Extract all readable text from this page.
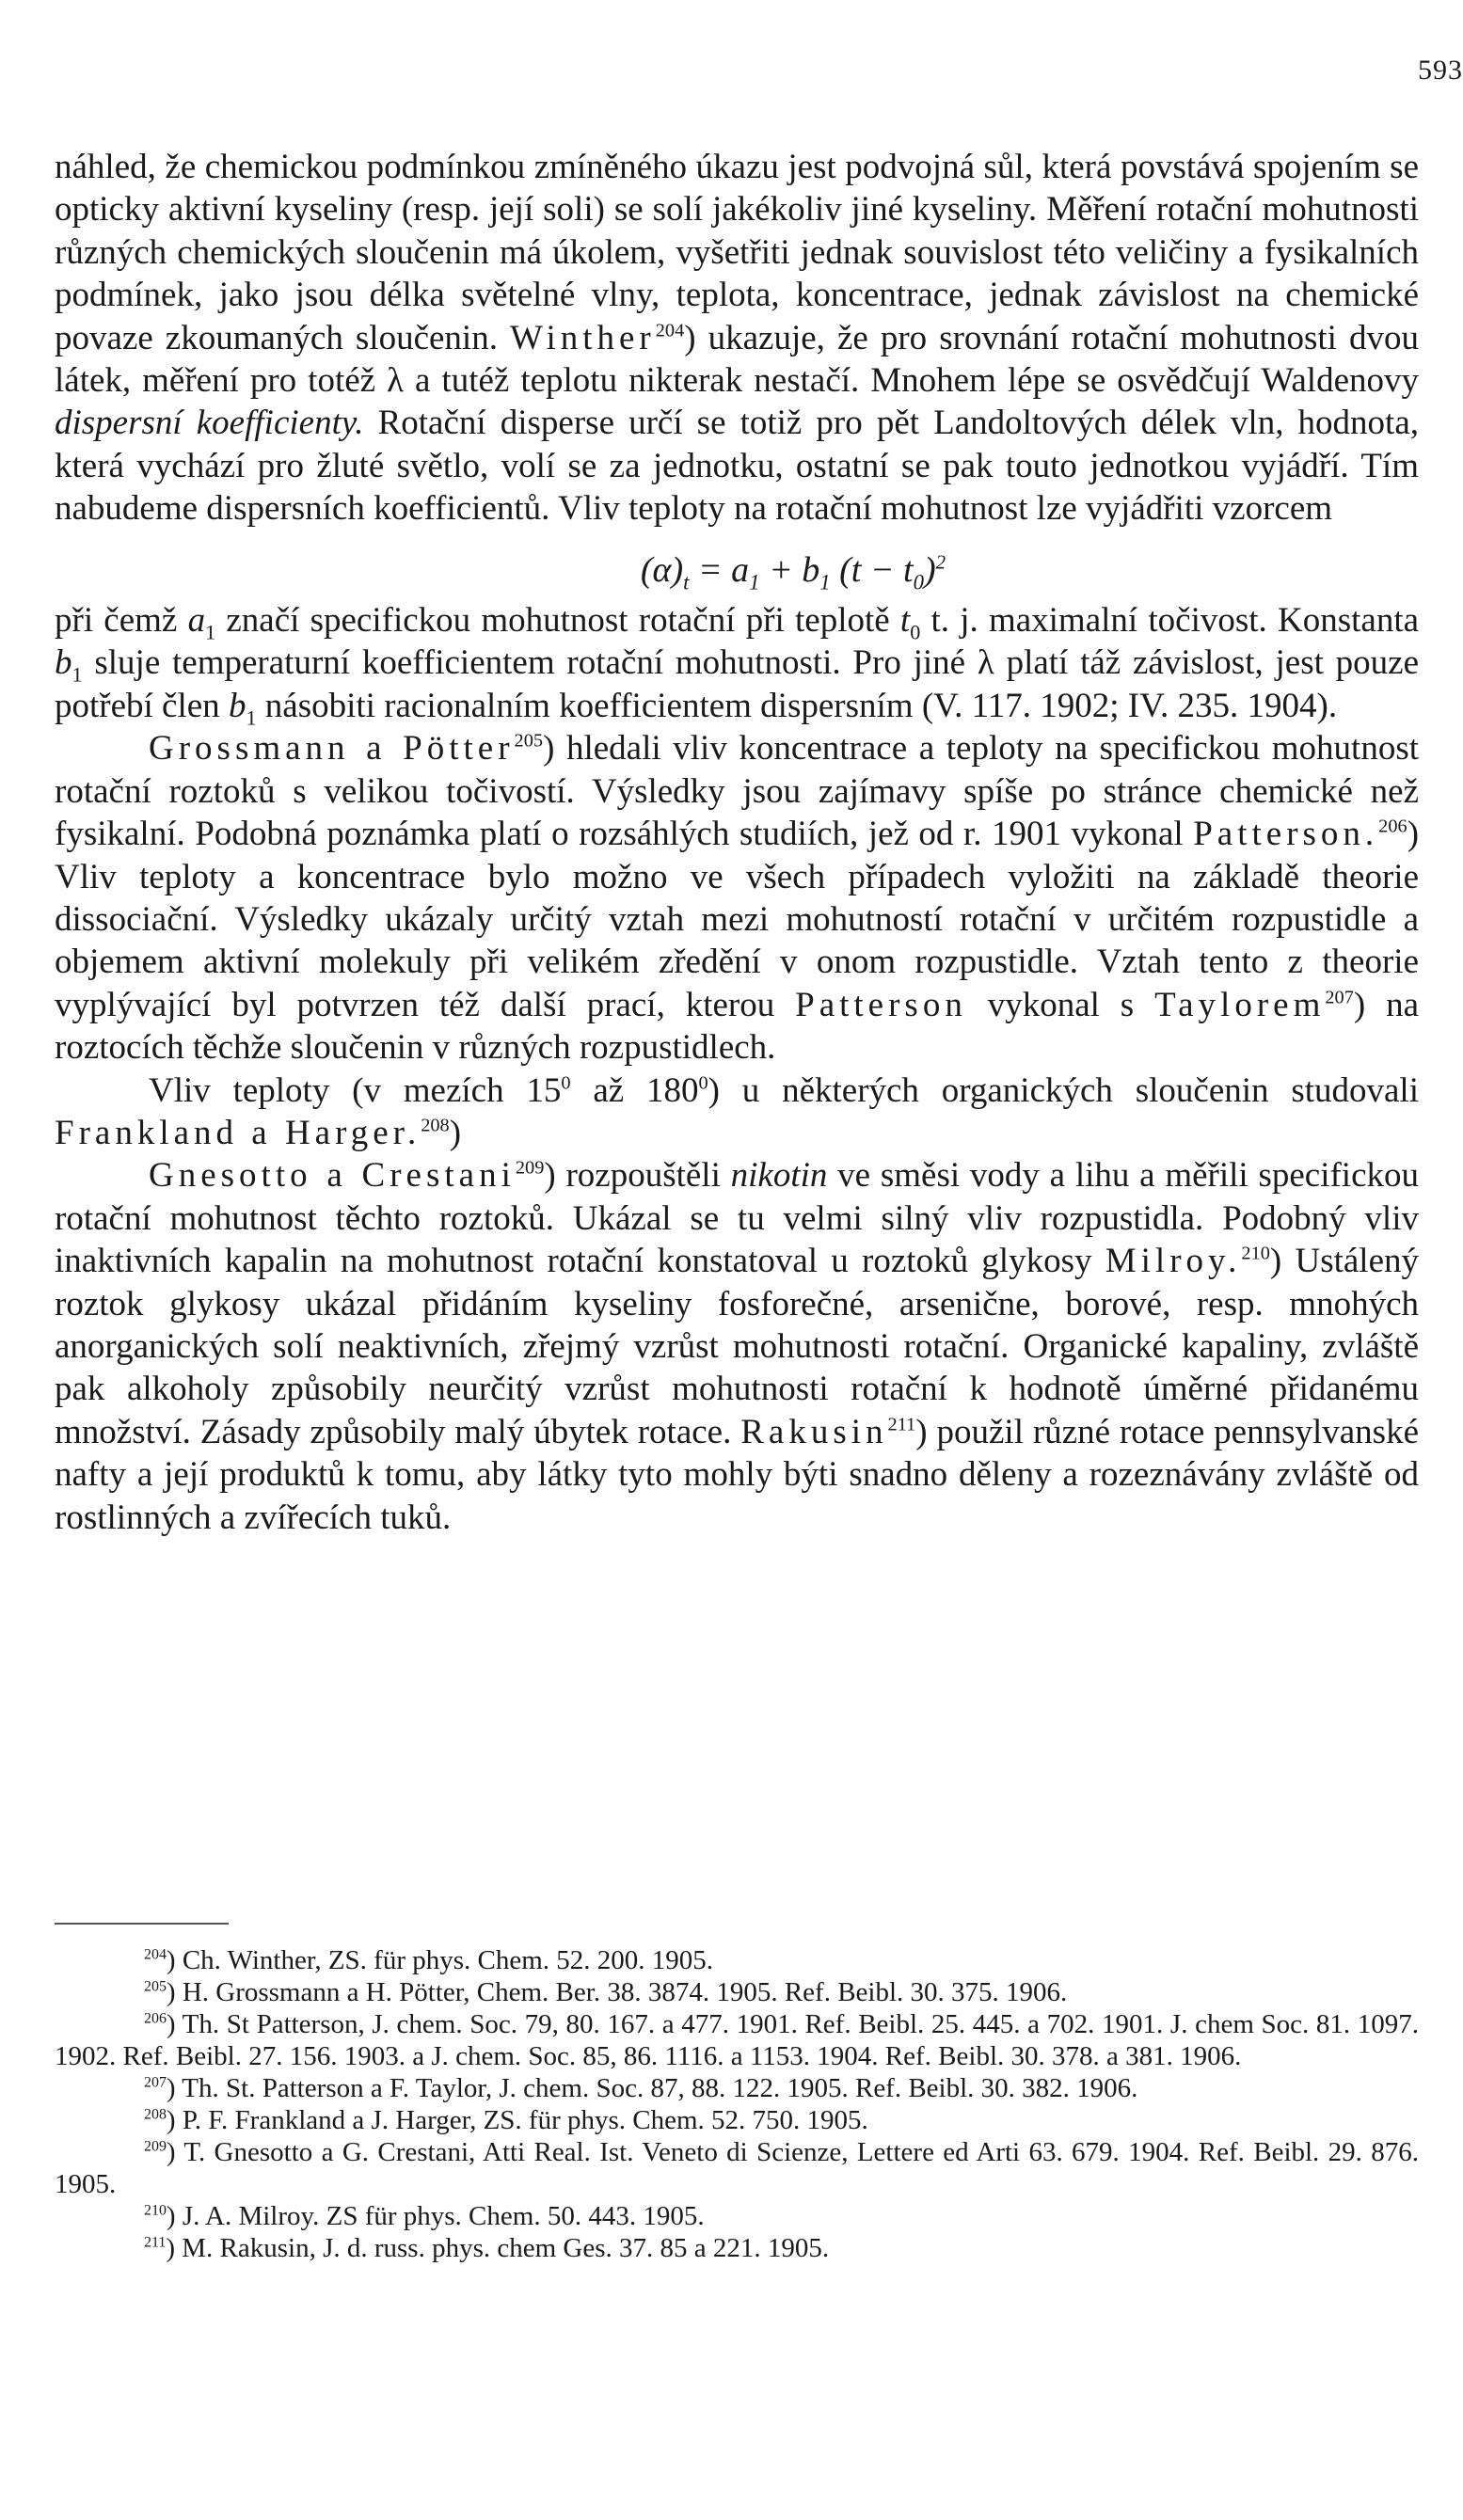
593

náhled, že chemickou podmínkou zmíněného úkazu jest podvojná sůl, která povstává spojením se opticky aktivní kyseliny (resp. její soli) se solí jakékoliv jiné kyseliny. Měření rotační mohutnosti různých chemických sloučenin má úkolem, vyšetřiti jednak souvislost této veličiny a fysikalních podmínek, jako jsou délka světelné vlny, teplota, koncentrace, jednak závislost na chemické povaze zkoumaných sloučenin. Winther$^{204}$) ukazuje, že pro srovnání rotační mohutnosti dvou látek, měření pro totéž λ a tutéž teplotu nikterak nestačí. Mnohem lépe se osvědčují Waldenovy dispersní koefficienty. Rotační disperse určí se totiž pro pět Landoltových délek vln, hodnota, která vychází pro žluté světlo, volí se za jednotku, ostatní se pak touto jednotkou vyjádří. Tím nabudeme dispersních koefficientů. Vliv teploty na rotační mohutnost lze vyjádřiti vzorcem

$(\alpha)_t = a_1 + b_1$ $(t - t_0)^2$

při čemž $a_1$ značí specifickou mohutnost rotační při teplotě $t_0$ t. j. maximalní točivost. Konstanta $b_1$ sluje temperaturní koefficientem rotační mohutnosti. Pro jiné λ platí táž závislost, jest pouze potřebí člen $b_1$ násobiti racionalním koefficientem dispersním (V. 117. 1902; IV. 235. 1904).

Grossmann a Pötter$^{205}$) hledali vliv koncentrace a teploty na specifickou mohutnost rotační roztoků s velikou točivostí. Výsledky jsou zajímavy spíše po stránce chemické než fysikalní. Podobná poznámka platí o rozsáhlých studiích, jež od r. 1901 vykonal Patterson.$^{206}$) Vliv teploty a koncentrace bylo možno ve všech případech vyložiti na základě theorie dissociační. Výsledky ukázaly určitý vztah mezi mohutností rotační v určitém rozpustidle a objemem aktivní molekuly při velikém zředění v onom rozpustidle. Vztah tento z theorie vyplývající byl potvrzen též další prací, kterou Patterson vykonal s Taylorem$^{207}$) na roztocích těchže sloučenin v různých rozpustidlech.

Vliv teploty (v mezích $15^0$ až $180^0$) u některých organických sloučenin studovali Frankland a Harger.$^{208}$)

Gnesotto a Crestani$^{209}$) rozpouštěli nikotin ve směsi vody a lihu a měřili specifickou rotační mohutnost těchto roztoků. Ukázal se tu velmi silný vliv rozpustidla. Podobný vliv inaktivních kapalin na mohutnost rotační konstatoval u roztoků glykosy Milroy.$^{210}$) Ustálený roztok glykosy ukázal přidáním kyseliny fosforečné, arsenične, borové, resp. mnohých anorganických solí neaktivních, zřejmý vzrůst mohutnosti rotační. Organické kapaliny, zvláště pak alkoholy způsobily neurčitý vzrůst mohutnosti rotační k hodnotě úměrné přidanému množství. Zásady způsobily malý úbytek rotace. Rakusin$^{211}$) použil různé rotace pennsylvanské nafty a její produktů k tomu, aby látky tyto mohly býti snadno děleny a rozeznávány zvláště od rostlinných a zvířecích tuků.

$^{204}$) Ch. Winther, ZS. für phys. Chem. 52. 200. 1905.

$^{205}$) H. Grossmann a H. Pötter, Chem. Ber. 38. 3874. 1905. Ref. Beibl. 30. 375. 1906.

$^{206}$) Th. St Patterson, J. chem. Soc. 79, 80. 167. a 477. 1901. Ref. Beibl. 25. 445. a 702. 1901. J. chem Soc. 81. 1097. 1902. Ref. Beibl. 27. 156. 1903. a J. chem. Soc. 85, 86. 1116. a 1153. 1904. Ref. Beibl. 30. 378. a 381. 1906.

$^{207}$) Th. St. Patterson a F. Taylor, J. chem. Soc. 87, 88. 122. 1905. Ref. Beibl. 30. 382. 1906.

$^{208}$) P. F. Frankland a J. Harger, ZS. für phys. Chem. 52. 750. 1905.

$^{209}$) T. Gnesotto a G. Crestani, Atti Real. Ist. Veneto di Scienze, Lettere ed Arti 63. 679. 1904. Ref. Beibl. 29. 876. 1905.

$^{210}$) J. A. Milroy. ZS für phys. Chem. 50. 443. 1905.

$^{211}$) M. Rakusin, J. d. russ. phys. chem Ges. 37. 85 a 221. 1905.
